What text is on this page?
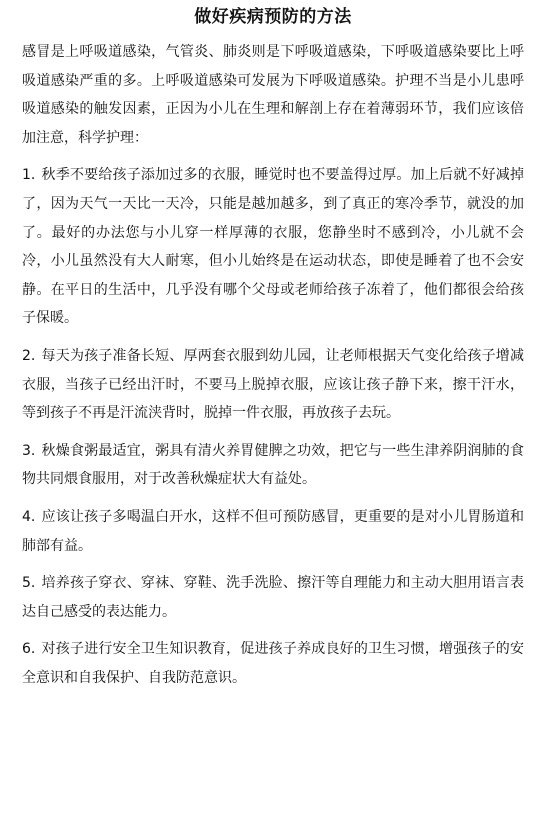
做好疾病预防的方法

感冒是上呼吸道感染，气管炎、肺炎则是下呼吸道感染，下呼吸道感染要比上呼吸道感染严重的多。上呼吸道感染可发展为下呼吸道感染。护理不当是小儿患呼吸道感染的触发因素，正因为小儿在生理和解剖上存在着薄弱环节，我们应该倍加注意，科学护理：

1. 秋季不要给孩子添加过多的衣服，睡觉时也不要盖得过厚。加上后就不好减掉了，因为天气一天比一天冷，只能是越加越多，到了真正的寒冷季节，就没的加了。最好的办法您与小儿穿一样厚薄的衣服，您静坐时不感到冷，小儿就不会冷，小儿虽然没有大人耐寒，但小儿始终是在运动状态，即使是睡着了也不会安静。在平日的生活中，几乎没有哪个父母或老师给孩子冻着了，他们都很会给孩子保暖。

2. 每天为孩子准备长短、厚两套衣服到幼儿园，让老师根据天气变化给孩子增减衣服，当孩子已经出汗时，不要马上脱掉衣服，应该让孩子静下来，擦干汗水，等到孩子不再是汗流浃背时，脱掉一件衣服，再放孩子去玩。

3. 秋燥食粥最适宜，粥具有清火养胃健脾之功效，把它与一些生津养阴润肺的食物共同煨食服用，对于改善秋燥症状大有益处。

4. 应该让孩子多喝温白开水，这样不但可预防感冒，更重要的是对小儿胃肠道和肺部有益。

5. 培养孩子穿衣、穿袜、穿鞋、洗手洗脸、擦汗等自理能力和主动大胆用语言表达自己感受的表达能力。

6. 对孩子进行安全卫生知识教育，促进孩子养成良好的卫生习惯，增强孩子的安全意识和自我保护、自我防范意识。
